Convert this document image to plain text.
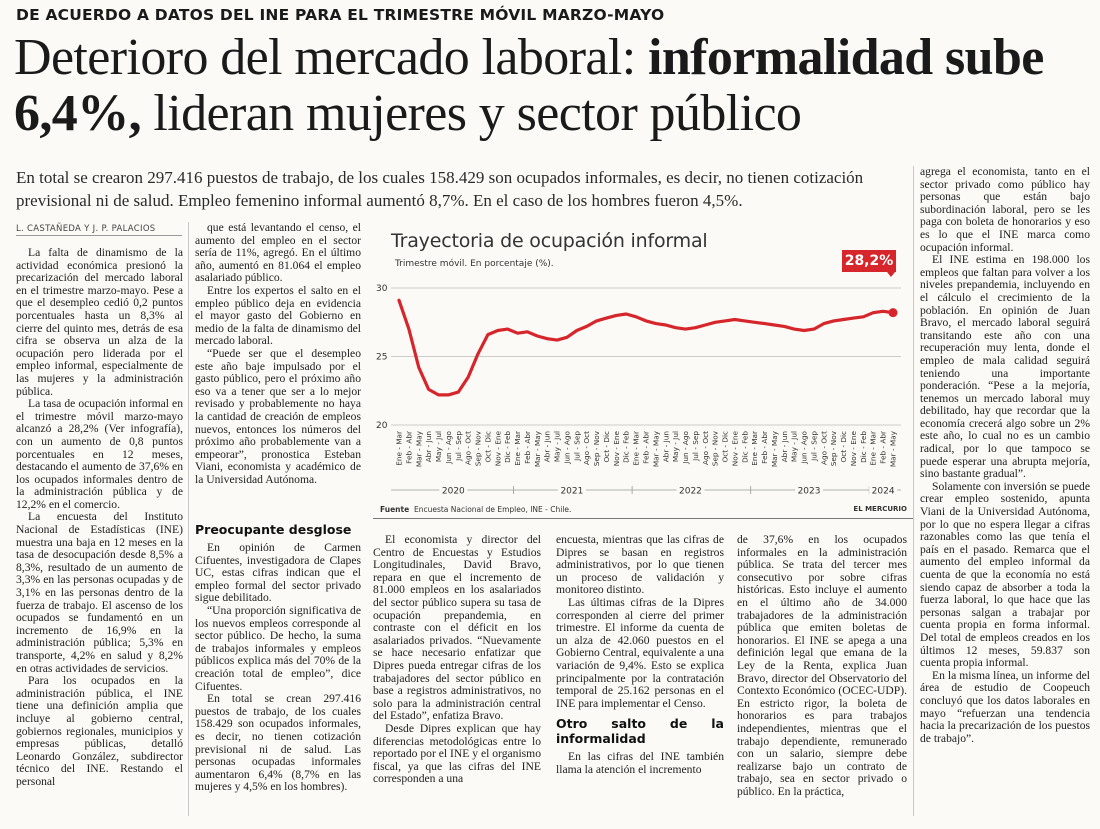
DE ACUERDO A DATOS DEL INE PARA EL TRIMESTRE MÓVIL MARZO-MAYO
Deterioro del mercado laboral: informalidad sube 6,4%, lideran mujeres y sector público
En total se crearon 297.416 puestos de trabajo, de los cuales 158.429 son ocupados informales, es decir, no tienen cotización previsional ni de salud. Empleo femenino informal aumentó 8,7%. En el caso de los hombres fueron 4,5%.
L. CASTAÑEDA Y J. P. PALACIOS

La falta de dinamismo de la actividad económica presionó la precarización del mercado laboral en el trimestre marzo-mayo. Pese a que el desempleo cedió 0,2 puntos porcentuales hasta un 8,3% al cierre del quinto mes, detrás de esa cifra se observa un alza de la ocupación pero liderada por el empleo informal, especialmente de las mujeres y la administración pública.

La tasa de ocupación informal en el trimestre móvil marzo-mayo alcanzó a 28,2% (Ver infografía), con un aumento de 0,8 puntos porcentuales en 12 meses, destacando el aumento de 37,6% en los ocupados informales dentro de la administración pública y de 12,2% en el comercio.

La encuesta del Instituto Nacional de Estadísticas (INE) muestra una baja en 12 meses en la tasa de desocupación desde 8,5% a 8,3%, resultado de un aumento de 3,3% en las personas ocupadas y de 3,1% en las personas dentro de la fuerza de trabajo. El ascenso de los ocupados se fundamentó en un incremento de 16,9% en la administración pública; 5,3% en transporte, 4,2% en salud y 8,2% en otras actividades de servicios.

Para los ocupados en la administración pública, el INE tiene una definición amplia que incluye al gobierno central, gobiernos regionales, municipios y empresas públicas, detalló Leonardo González, subdirector técnico del INE. Restando el personal

que está levantando el censo, el aumento del empleo en el sector sería de 11%, agregó. En el último año, aumentó en 81.064 el empleo asalariado público.

Entre los expertos el salto en el empleo público deja en evidencia el mayor gasto del Gobierno en medio de la falta de dinamismo del mercado laboral.

“Puede ser que el desempleo este año baje impulsado por el gasto público, pero el próximo año eso va a tener que ser a lo mejor revisado y probablemente no haya la cantidad de creación de empleos nuevos, entonces los números del próximo año probablemente van a empeorar”, pronostica Esteban Viani, economista y académico de la Universidad Autónoma.

Preocupante desglose

En opinión de Carmen Cifuentes, investigadora de Clapes UC, estas cifras indican que el empleo formal del sector privado sigue debilitado.

“Una proporción significativa de los nuevos empleos corresponde al sector público. De hecho, la suma de trabajos informales y empleos públicos explica más del 70% de la creación total de empleo”, dice Cifuentes.

En total se crean 297.416 puestos de trabajo, de los cuales 158.429 son ocupados informales, es decir, no tienen cotización previsional ni de salud. Las personas ocupadas informales aumentaron 6,4% (8,7% en las mujeres y 4,5% en los hombres).

20
25
30
Ene - Mar Feb - Abr Mar - May Abr - Jun May - Jul Jun - Ago Jul - Sep Ago - Oct Sep - Nov Oct - Dic Nov - Ene Dic - Feb Ene - Mar Feb - Abr Mar - May Abr - Jun May - Jul Jun - Ago Jul - Sep Ago - Oct Sep - Nov Oct - Dic Nov - Ene Dic - Feb Ene - Mar Feb - Abr Mar - May Abr - Jun May - Jul Jun - Ago Jul - Sep Ago - Oct Sep - Nov Oct - Dic Nov - Ene Dic - Feb Ene - Mar Feb - Abr Mar - May Abr - Jun May - Jul Jun - Ago Jul - Sep Ago - Oct Sep - Nov Oct - Dic Nov - Ene Dic - Feb Ene - Mar Feb - Abr Mar - May
2020	2021	2022	2023	2024
Trayectoria de ocupación informal
Trimestre móvil. En porcentaje (%).	28,2%
Fuente Encuesta Nacional de Empleo, INE - Chile.	EL MERCURIO

El economista y director del Centro de Encuestas y Estudios Longitudinales, David Bravo, repara en que el incremento de 81.000 empleos en los asalariados del sector público supera su tasa de ocupación prepandemia, en contraste con el déficit en los asalariados privados. “Nuevamente se hace necesario enfatizar que Dipres pueda entregar cifras de los trabajadores del sector público en base a registros administrativos, no solo para la administración central del Estado”, enfatiza Bravo.

Desde Dipres explican que hay diferencias metodológicas entre lo reportado por el INE y el organismo fiscal, ya que las cifras del INE corresponden a una

encuesta, mientras que las cifras de Dipres se basan en registros administrativos, por lo que tienen un proceso de validación y monitoreo distinto.

Las últimas cifras de la Dipres corresponden al cierre del primer trimestre. El informe da cuenta de un alza de 42.060 puestos en el Gobierno Central, equivalente a una variación de 9,4%. Esto se explica principalmente por la contratación temporal de 25.162 personas en el INE para implementar el Censo.

Otro salto de la informalidad

En las cifras del INE también llama la atención el incremento

de 37,6% en los ocupados informales en la administración pública. Se trata del tercer mes consecutivo por sobre cifras históricas. Esto incluye el aumento en el último año de 34.000 trabajadores de la administración pública que emiten boletas de honorarios. El INE se apega a una definición legal que emana de la Ley de la Renta, explica Juan Bravo, director del Observatorio del Contexto Económico (OCEC-UDP). En estricto rigor, la boleta de honorarios es para trabajos independientes, mientras que el trabajo dependiente, remunerado con un salario, siempre debe realizarse bajo un contrato de trabajo, sea en sector privado o público. En la práctica,

agrega el economista, tanto en el sector privado como público hay personas que están bajo subordinación laboral, pero se les paga con boleta de honorarios y eso es lo que el INE marca como ocupación informal.

El INE estima en 198.000 los empleos que faltan para volver a los niveles prepandemia, incluyendo en el cálculo el crecimiento de la población. En opinión de Juan Bravo, el mercado laboral seguirá transitando este año con una recuperación muy lenta, donde el empleo de mala calidad seguirá teniendo una importante ponderación. “Pese a la mejoría, tenemos un mercado laboral muy debilitado, hay que recordar que la economía crecerá algo sobre un 2% este año, lo cual no es un cambio radical, por lo que tampoco se puede esperar una abrupta mejoría, sino bastante gradual”.

Solamente con inversión se puede crear empleo sostenido, apunta Viani de la Universidad Autónoma, por lo que no espera llegar a cifras razonables como las que tenía el país en el pasado. Remarca que el aumento del empleo informal da cuenta de que la economía no está siendo capaz de absorber a toda la fuerza laboral, lo que hace que las personas salgan a trabajar por cuenta propia en forma informal. Del total de empleos creados en los últimos 12 meses, 59.837 son cuenta propia informal.

En la misma línea, un informe del área de estudio de Coopeuch concluyó que los datos laborales en mayo “refuerzan una tendencia hacia la precarización de los puestos de trabajo”.
